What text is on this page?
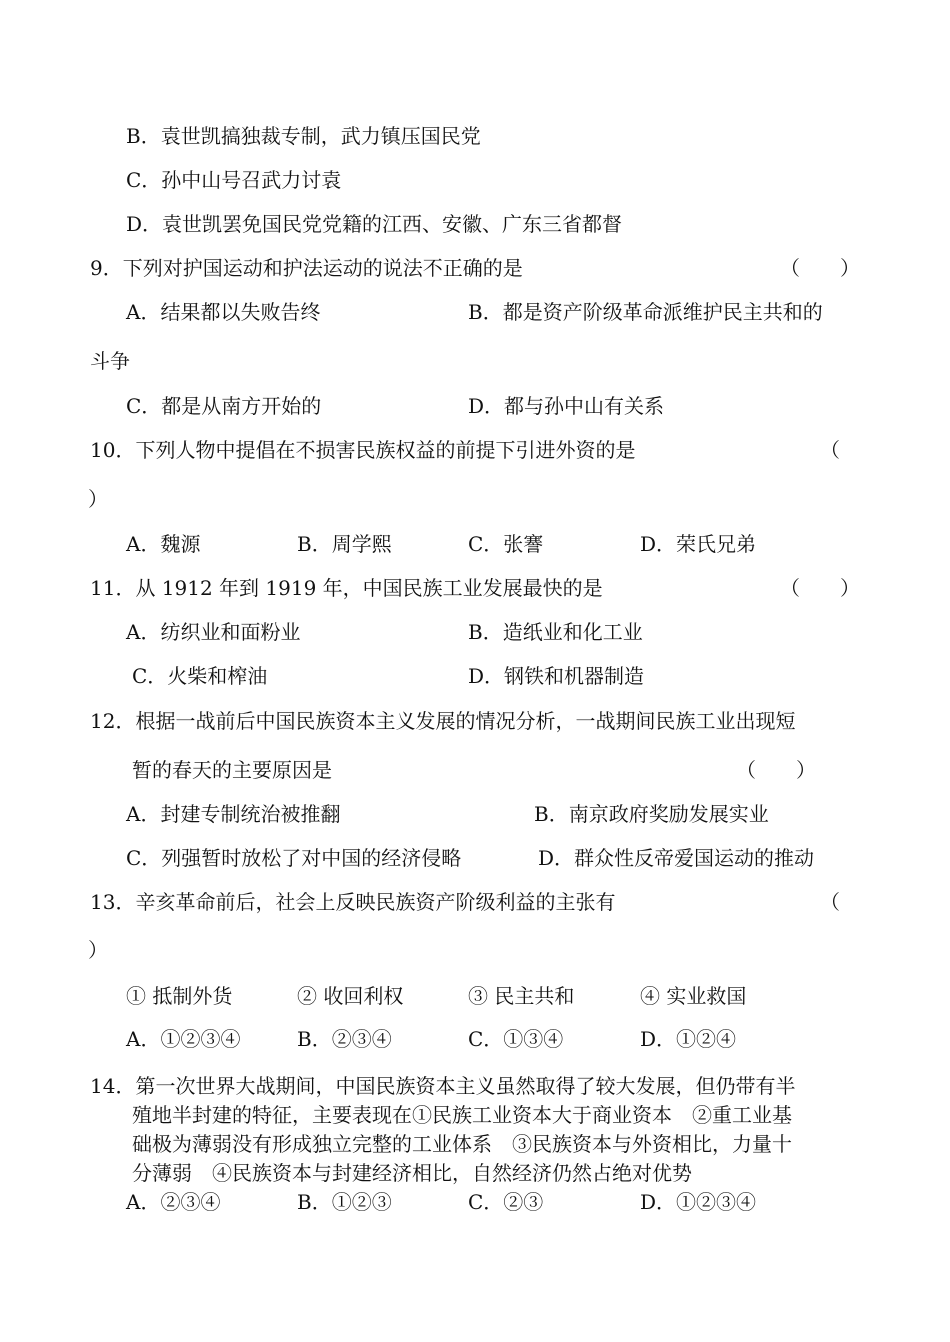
B．袁世凯搞独裁专制，武力镇压国民党
C．孙中山号召武力讨袁
D．袁世凯罢免国民党党籍的江西、安徽、广东三省都督
9．下列对护国运动和护法运动的说法不正确的是	（　　）
A．结果都以失败告终	B．都是资产阶级革命派维护民主共和的
斗争
C．都是从南方开始的	D．都与孙中山有关系
10．下列人物中提倡在不损害民族权益的前提下引进外资的是	（
）
A．魏源	B．周学熙	C．张謇	D．荣氏兄弟
11．从 1912 年到 1919 年，中国民族工业发展最快的是	（　　）
A．纺织业和面粉业	B．造纸业和化工业
C．火柴和榨油	D．钢铁和机器制造
12．根据一战前后中国民族资本主义发展的情况分析，一战期间民族工业出现短
暂的春天的主要原因是	（　　）
A．封建专制统治被推翻	B．南京政府奖励发展实业
C．列强暂时放松了对中国的经济侵略	D．群众性反帝爱国运动的推动
13．辛亥革命前后，社会上反映民族资产阶级利益的主张有	（
）
① 抵制外货	② 收回利权	③ 民主共和	④ 实业救国
A．①②③④	B．②③④	C．①③④	D．①②④
14．第一次世界大战期间，中国民族资本主义虽然取得了较大发展，但仍带有半
殖地半封建的特征，主要表现在①民族工业资本大于商业资本　②重工业基
础极为薄弱没有形成独立完整的工业体系　③民族资本与外资相比，力量十
分薄弱　④民族资本与封建经济相比，自然经济仍然占绝对优势
A．②③④	B．①②③	C．②③	D．①②③④
